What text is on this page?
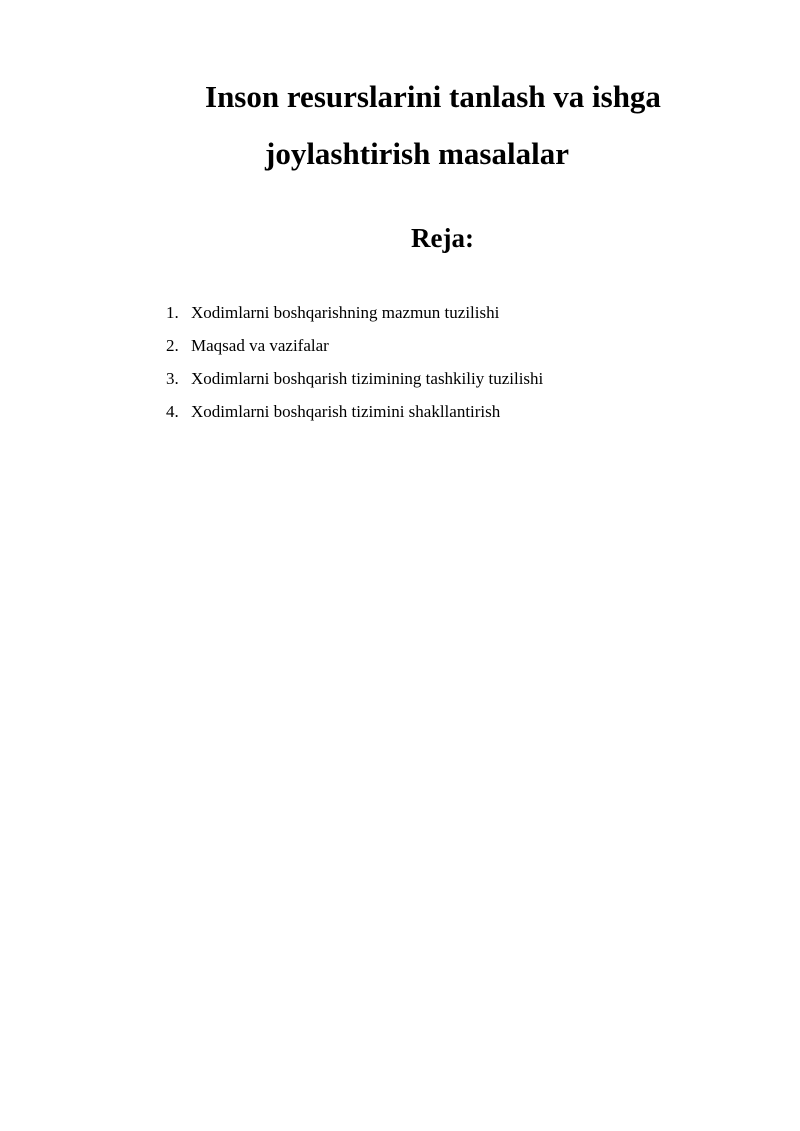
Inson resurslarini tanlash va ishga
joylashtirish masalalar
Reja:
1. Xodimlarni boshqarishning mazmun tuzilishi
2. Maqsad va vazifalar
3. Xodimlarni boshqarish tizimining tashkiliy tuzilishi
4. Xodimlarni boshqarish tizimini shakllantirish
